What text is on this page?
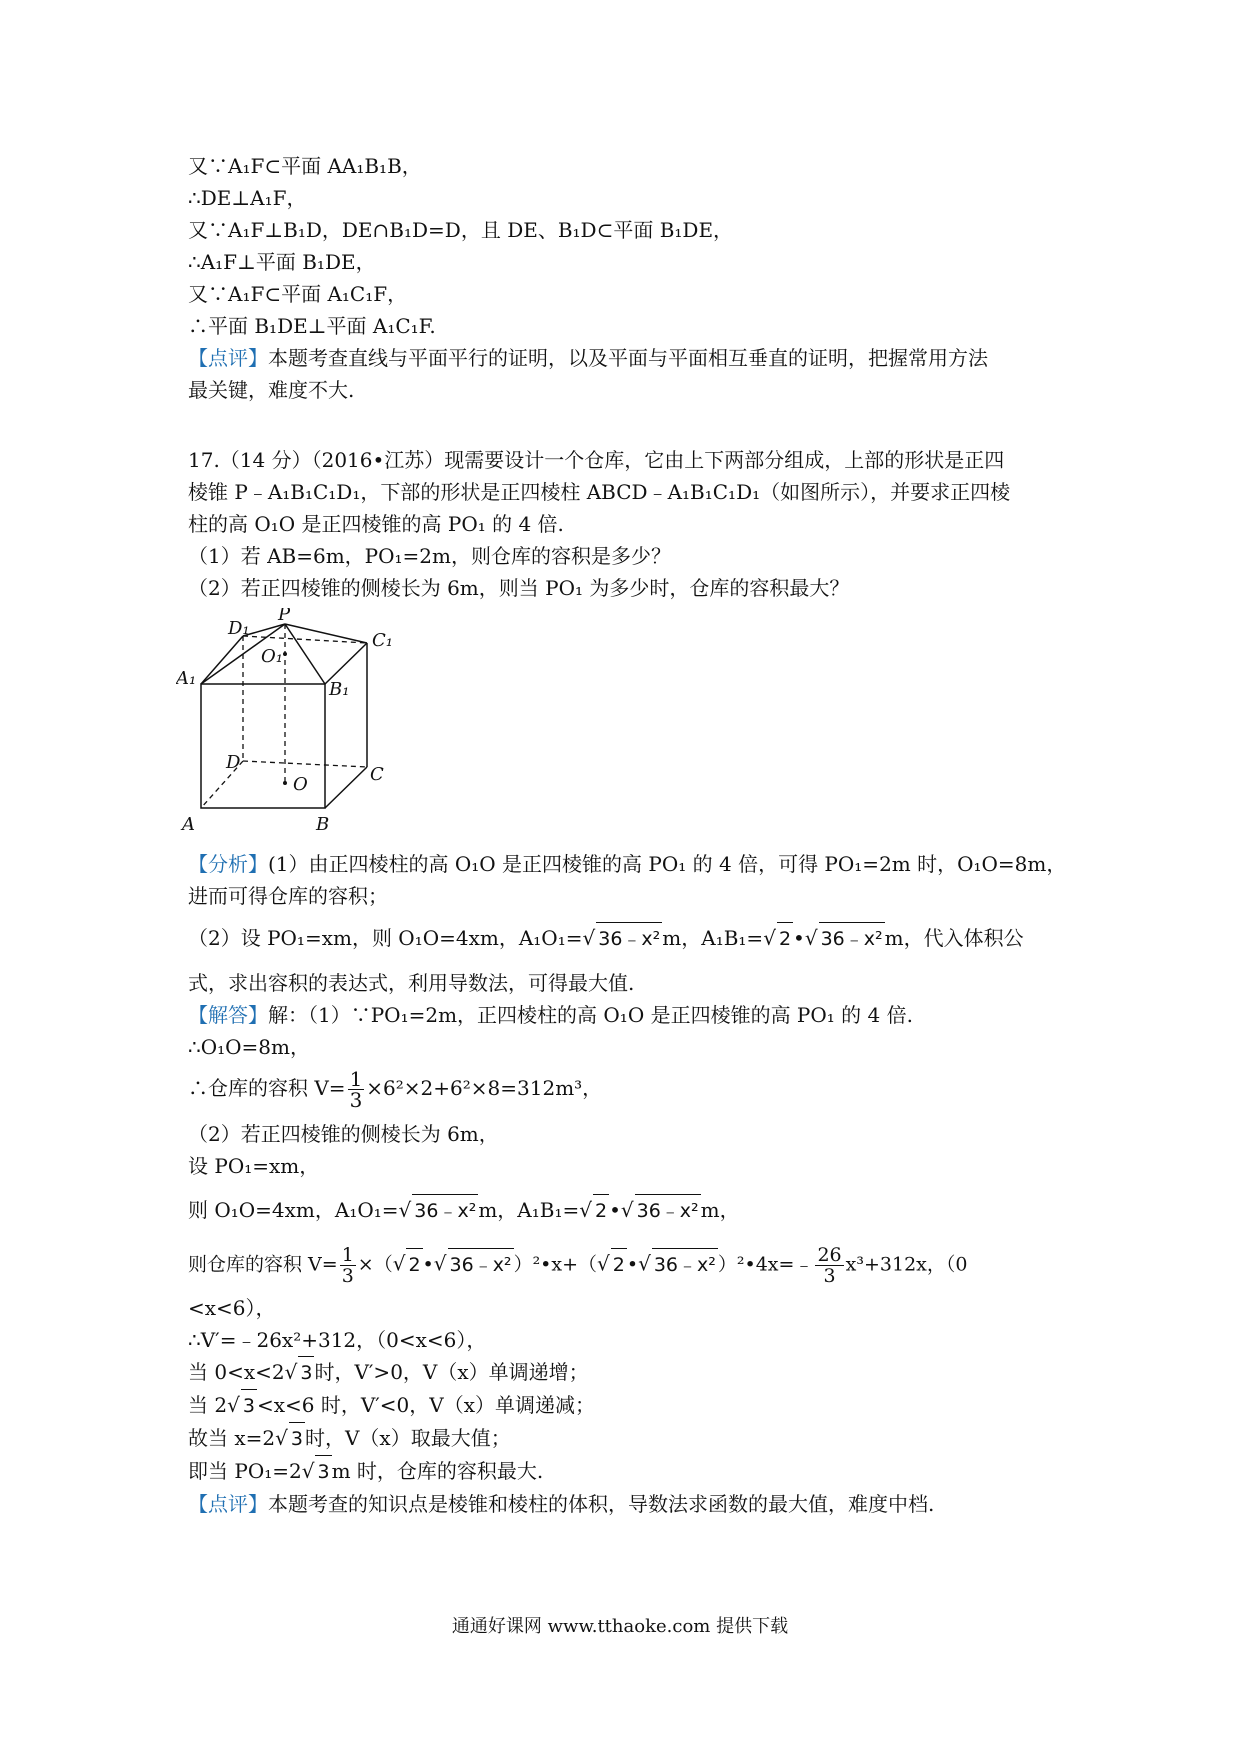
又∵A₁F⊂平面 AA₁B₁B，
∴DE⊥A₁F，
又∵A₁F⊥B₁D，DE∩B₁D=D，且 DE、B₁D⊂平面 B₁DE，
∴A₁F⊥平面 B₁DE，
又∵A₁F⊂平面 A₁C₁F，
∴平面 B₁DE⊥平面 A₁C₁F.
【点评】本题考查直线与平面平行的证明，以及平面与平面相互垂直的证明，把握常用方法
最关键，难度不大.
17.（14 分）（2016•江苏）现需要设计一个仓库，它由上下两部分组成，上部的形状是正四
棱锥 P﹣A₁B₁C₁D₁，下部的形状是正四棱柱 ABCD﹣A₁B₁C₁D₁（如图所示），并要求正四棱
柱的高 O₁O 是正四棱锥的高 PO₁ 的 4 倍.
（1）若 AB=6m，PO₁=2m，则仓库的容积是多少？
（2）若正四棱锥的侧棱长为 6m，则当 PO₁ 为多少时，仓库的容积最大？
P
D₁
C₁
O₁
A₁
B₁
D
C
O
A	B
【分析】(1）由正四棱柱的高 O₁O 是正四棱锥的高 PO₁ 的 4 倍，可得 PO₁=2m 时，O₁O=8m，
进而可得仓库的容积；
（2）设 PO₁=xm，则 O₁O=4xm，A₁O₁=√ 36﹣x² m，A₁B₁=√ 2 •√ 36﹣x² m，代入体积公
式，求出容积的表达式，利用导数法，可得最大值.
【解答】解：（1）∵PO₁=2m，正四棱柱的高 O₁O 是正四棱锥的高 PO₁ 的 4 倍.
∴O₁O=8m，
∴仓库的容积 $V= \frac{1}{3} \times 6^2\times 2+6^2\times 8=312m^3$，
（2）若正四棱锥的侧棱长为 6m，
设 PO₁=xm，
则 O₁O=4xm，A₁O₁=√ 36﹣x² m，A₁B₁=√ 2 •√ 36﹣x² m，
则仓库的容积 $V= \frac{1}{3}$ ×（√ 2 •√ 36﹣x² ）²•x+（√ 2 •√ 36﹣x² ）²•4x=﹣ $\frac{26}{3} x^3+312x$，（0
<x<6），
∴V′=﹣26x²+312，（0<x<6），
当 0<x<2√ 3 时，V′>0，V（x）单调递增；
当 2√ 3 <x<6 时，V′<0，V（x）单调递减；
故当 x=2√ 3 时，V（x）取最大值；
即当 PO₁=2√ 3 m 时，仓库的容积最大.
【点评】本题考查的知识点是棱锥和棱柱的体积，导数法求函数的最大值，难度中档.
通通好课网 www.tthaoke.com 提供下载
